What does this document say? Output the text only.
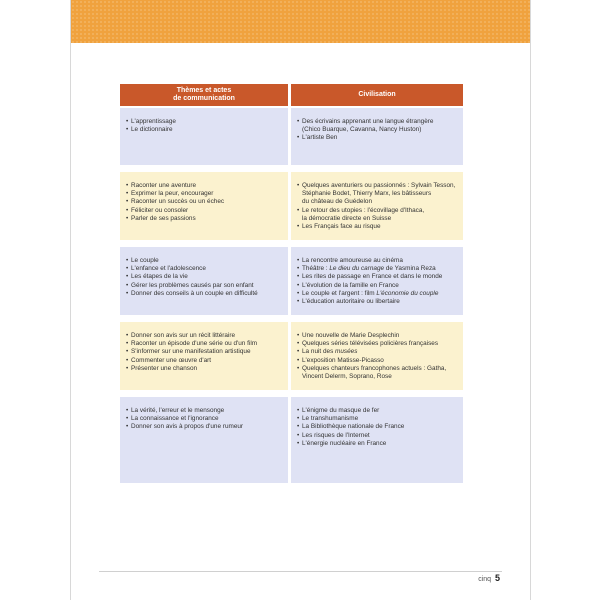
Thèmes et actes
de communication
Civilisation
• L'apprentissage
• Le dictionnaire
• Des écrivains apprenant une langue étrangère
(Chico Buarque, Cavanna, Nancy Huston)
• L'artiste Ben
• Raconter une aventure
• Exprimer la peur, encourager
• Raconter un succès ou un échec
• Féliciter ou consoler
• Parler de ses passions
• Quelques aventuriers ou passionnés : Sylvain Tesson,
Stéphanie Bodet, Thierry Marx, les bâtisseurs
du château de Guédelon
• Le retour des utopies : l'écovillage d'Ithaca,
la démocratie directe en Suisse
• Les Français face au risque
• Le couple
• L'enfance et l'adolescence
• Les étapes de la vie
• Gérer les problèmes causés par son enfant
• Donner des conseils à un couple en difficulté
• La rencontre amoureuse au cinéma
• Théâtre : Le dieu du carnage de Yasmina Reza
• Les rites de passage en France et dans le monde
• L'évolution de la famille en France
• Le couple et l'argent : film L'économie du couple
• L'éducation autoritaire ou libertaire
• Donner son avis sur un récit littéraire
• Raconter un épisode d'une série ou d'un film
• S'informer sur une manifestation artistique
• Commenter une œuvre d'art
• Présenter une chanson
• Une nouvelle de Marie Desplechin
• Quelques séries télévisées policières françaises
• La nuit des musées
• L'exposition Matisse-Picasso
• Quelques chanteurs francophones actuels : Gatha,
Vincent Delerm, Soprano, Rose
• La vérité, l'erreur et le mensonge
• La connaissance et l'ignorance
• Donner son avis à propos d'une rumeur
• L'énigme du masque de fer
• Le transhumanisme
• La Bibliothèque nationale de France
• Les risques de l'Internet
• L'énergie nucléaire en France
cinq 5
